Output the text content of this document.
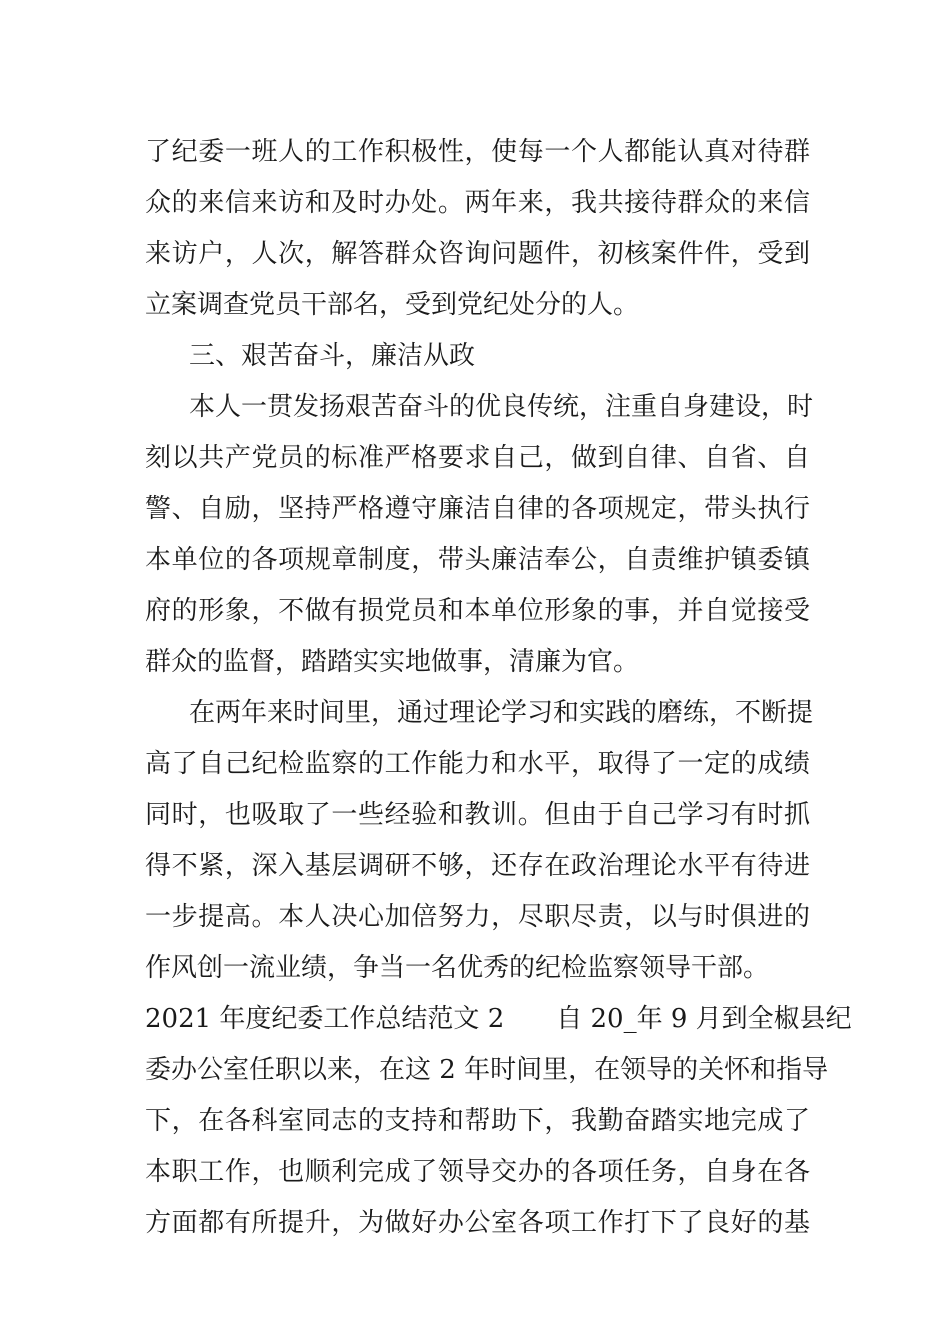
了纪委一班人的工作积极性，使每一个人都能认真对待群
众的来信来访和及时办处。两年来，我共接待群众的来信
来访户，人次，解答群众咨询问题件，初核案件件，受到
立案调查党员干部名，受到党纪处分的人。
三、艰苦奋斗，廉洁从政
本人一贯发扬艰苦奋斗的优良传统，注重自身建设，时
刻以共产党员的标准严格要求自己，做到自律、自省、自
警、自励，坚持严格遵守廉洁自律的各项规定，带头执行
本单位的各项规章制度，带头廉洁奉公，自责维护镇委镇
府的形象，不做有损党员和本单位形象的事，并自觉接受
群众的监督，踏踏实实地做事，清廉为官。
在两年来时间里，通过理论学习和实践的磨练，不断提
高了自己纪检监察的工作能力和水平，取得了一定的成绩
同时，也吸取了一些经验和教训。但由于自己学习有时抓
得不紧，深入基层调研不够，还存在政治理论水平有待进
一步提高。本人决心加倍努力，尽职尽责，以与时俱进的
作风创一流业绩，争当一名优秀的纪检监察领导干部。
2021 年度纪委工作总结范文 2　　自 20_年 9 月到全椒县纪
委办公室任职以来，在这 2 年时间里，在领导的关怀和指导
下，在各科室同志的支持和帮助下，我勤奋踏实地完成了
本职工作，也顺利完成了领导交办的各项任务，自身在各
方面都有所提升，为做好办公室各项工作打下了良好的基
